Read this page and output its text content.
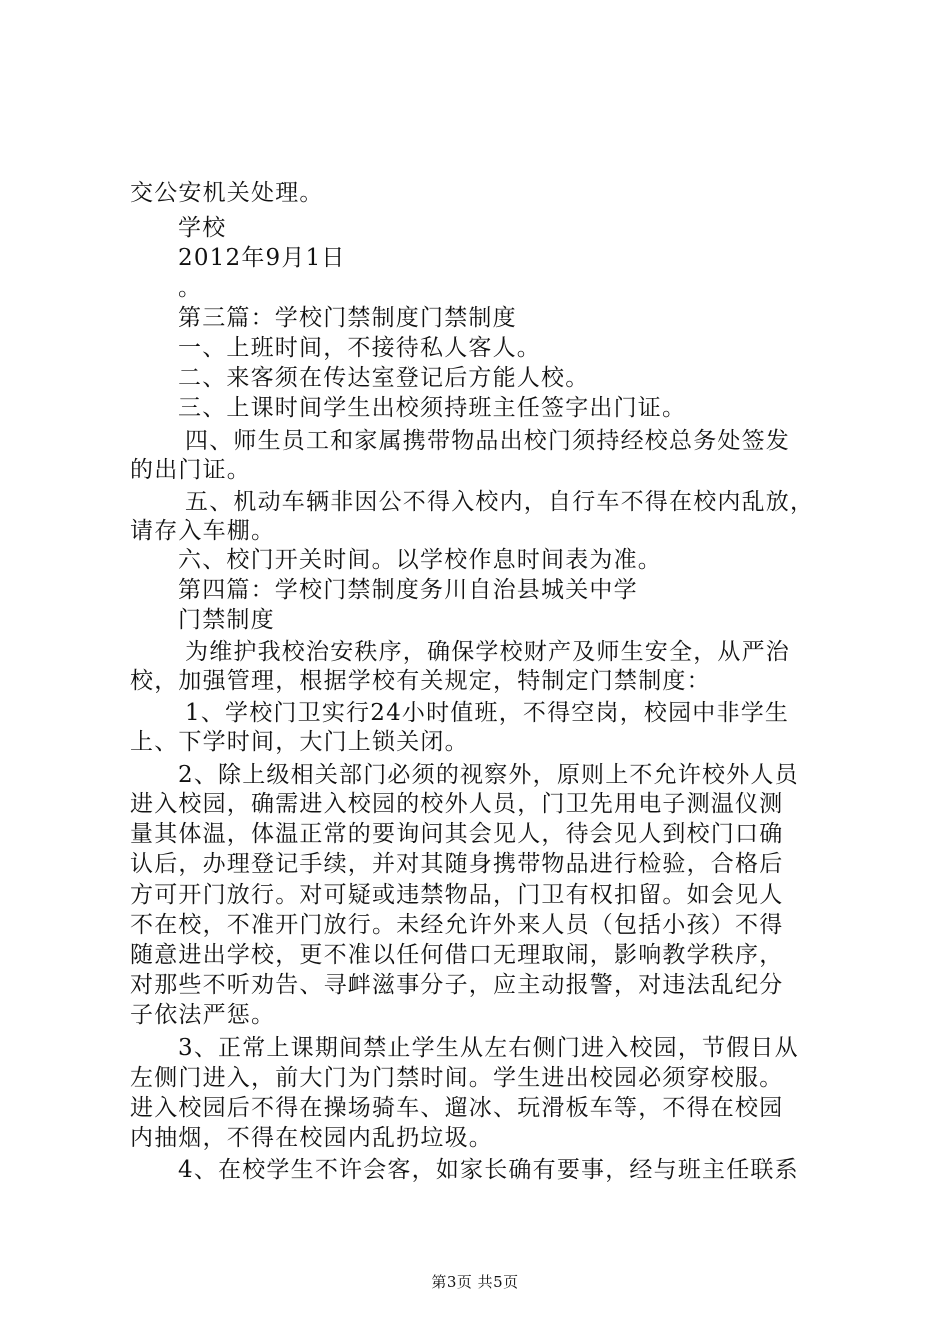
交公安机关处理。
学校
2012年9月1日
。
第三篇：学校门禁制度门禁制度
一、上班时间，不接待私人客人。
二、来客须在传达室登记后方能人校。
三、上课时间学生出校须持班主任签字出门证。
四、师生员工和家属携带物品出校门须持经校总务处签发
的出门证。
五、机动车辆非因公不得入校内，自行车不得在校内乱放，
请存入车棚。
六、校门开关时间。以学校作息时间表为准。
第四篇：学校门禁制度务川自治县城关中学
门禁制度
为维护我校治安秩序，确保学校财产及师生安全，从严治
校，加强管理，根据学校有关规定，特制定门禁制度：
1、学校门卫实行24小时值班，不得空岗，校园中非学生
上、下学时间，大门上锁关闭。
2、除上级相关部门必须的视察外，原则上不允许校外人员
进入校园，确需进入校园的校外人员，门卫先用电子测温仪测
量其体温，体温正常的要询问其会见人，待会见人到校门口确
认后，办理登记手续，并对其随身携带物品进行检验，合格后
方可开门放行。对可疑或违禁物品，门卫有权扣留。如会见人
不在校，不准开门放行。未经允许外来人员（包括小孩）不得
随意进出学校，更不准以任何借口无理取闹，影响教学秩序，
对那些不听劝告、寻衅滋事分子，应主动报警，对违法乱纪分
子依法严惩。
3、正常上课期间禁止学生从左右侧门进入校园，节假日从
左侧门进入，前大门为门禁时间。学生进出校园必须穿校服。
进入校园后不得在操场骑车、遛冰、玩滑板车等，不得在校园
内抽烟，不得在校园内乱扔垃圾。
4、在校学生不许会客，如家长确有要事，经与班主任联系
第3页 共5页
